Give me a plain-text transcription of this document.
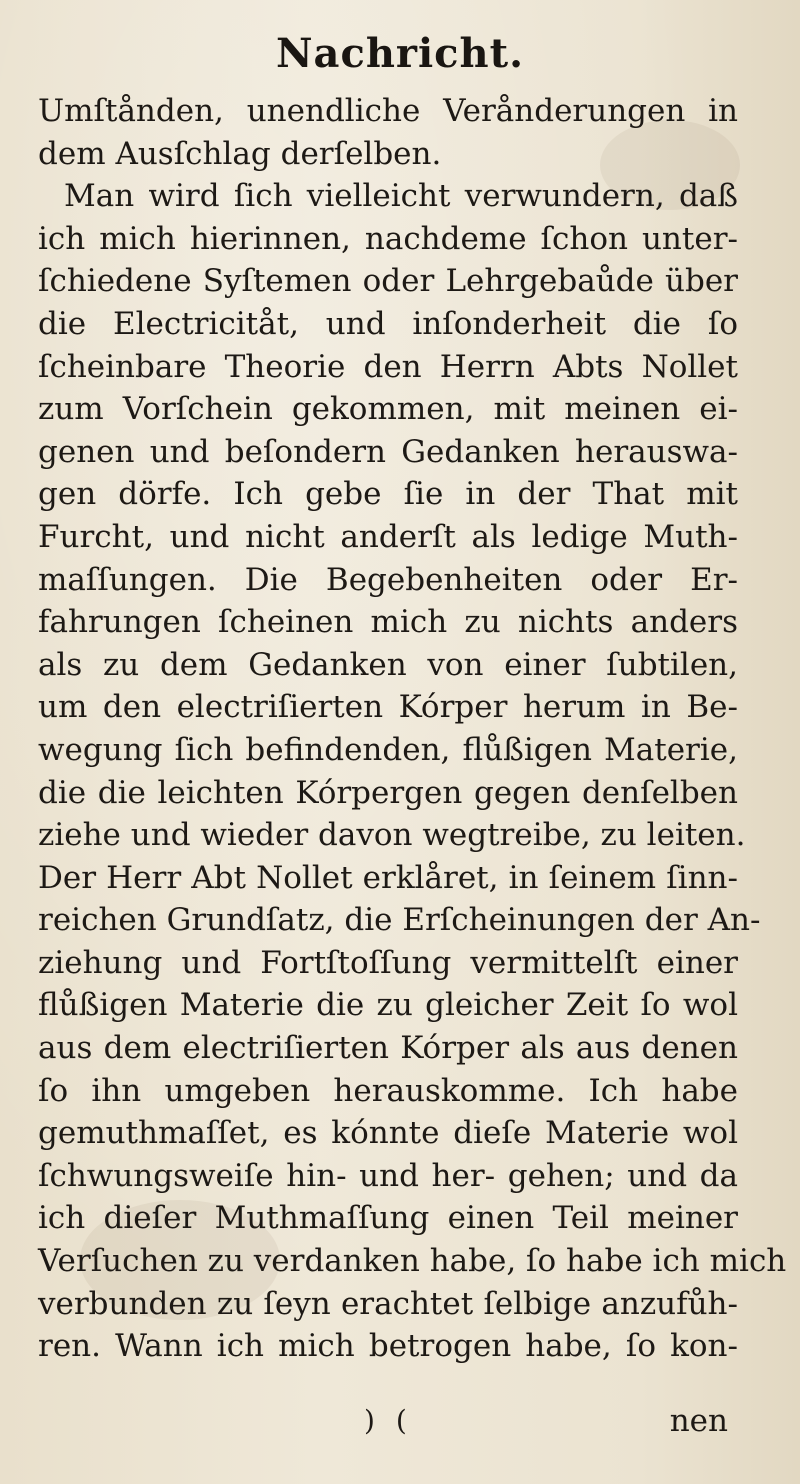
Nachricht.
Umſtånden, unendliche Verånderungen in
dem Ausſchlag derſelben.
Man wird ſich vielleicht verwundern, daß
ich mich hierinnen, nachdeme ſchon unter-
ſchiedene Syſtemen oder Lehrgebaůde über
die Electricitåt, und inſonderheit die ſo
ſcheinbare Theorie den Herrn Abts Nollet
zum Vorſchein gekommen, mit meinen ei-
genen und beſondern Gedanken herauswa-
gen dörfe. Ich gebe ſie in der That mit
Furcht, und nicht anderſt als ledige Muth-
maſſungen. Die Begebenheiten oder Er-
fahrungen ſcheinen mich zu nichts anders
als zu dem Gedanken von einer ſubtilen,
um den electriſierten Kórper herum in Be-
wegung ſich befindenden, flůßigen Materie,
die die leichten Kórpergen gegen denſelben
ziehe und wieder davon wegtreibe, zu leiten.
Der Herr Abt Nollet erklåret, in ſeinem ſinn-
reichen Grundſatz, die Erſcheinungen der An-
ziehung und Fortſtoſſung vermittelſt einer
flůßigen Materie die zu gleicher Zeit ſo wol
aus dem electriſierten Kórper als aus denen
ſo ihn umgeben herauskomme. Ich habe
gemuthmaſſet, es kónnte dieſe Materie wol
ſchwungsweiſe hin- und her- gehen; und da
ich dieſer Muthmaſſung einen Teil meiner
Verſuchen zu verdanken habe, ſo habe ich mich
verbunden zu ſeyn erachtet ſelbige anzufůh-
ren. Wann ich mich betrogen habe, ſo kon-
) (	nen
